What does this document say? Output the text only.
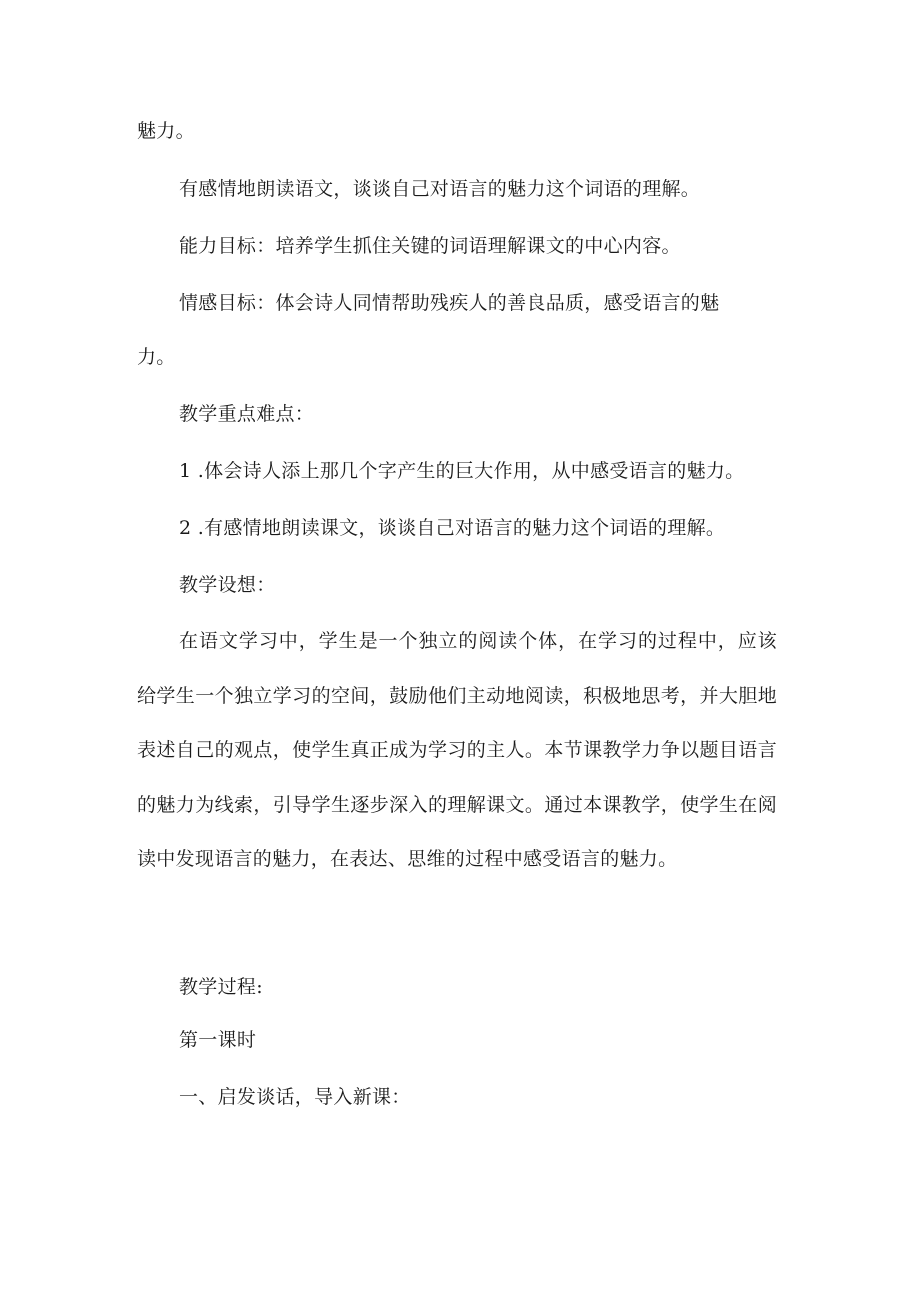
魅力。

有感情地朗读语文，谈谈自己对语言的魅力这个词语的理解。

能力目标：培养学生抓住关键的词语理解课文的中心内容。

情感目标：体会诗人同情帮助残疾人的善良品质，感受语言的魅

力。

教学重点难点：

1 .体会诗人添上那几个字产生的巨大作用，从中感受语言的魅力。

2 .有感情地朗读课文，谈谈自己对语言的魅力这个词语的理解。

教学设想：

在语文学习中，学生是一个独立的阅读个体，在学习的过程中，应该给学生一个独立学习的空间，鼓励他们主动地阅读，积极地思考，并大胆地表述自己的观点，使学生真正成为学习的主人。本节课教学力争以题目语言的魅力为线索，引导学生逐步深入的理解课文。通过本课教学，使学生在阅读中发现语言的魅力，在表达、思维的过程中感受语言的魅力。

教学过程:

第一课时

一、启发谈话，导入新课：
